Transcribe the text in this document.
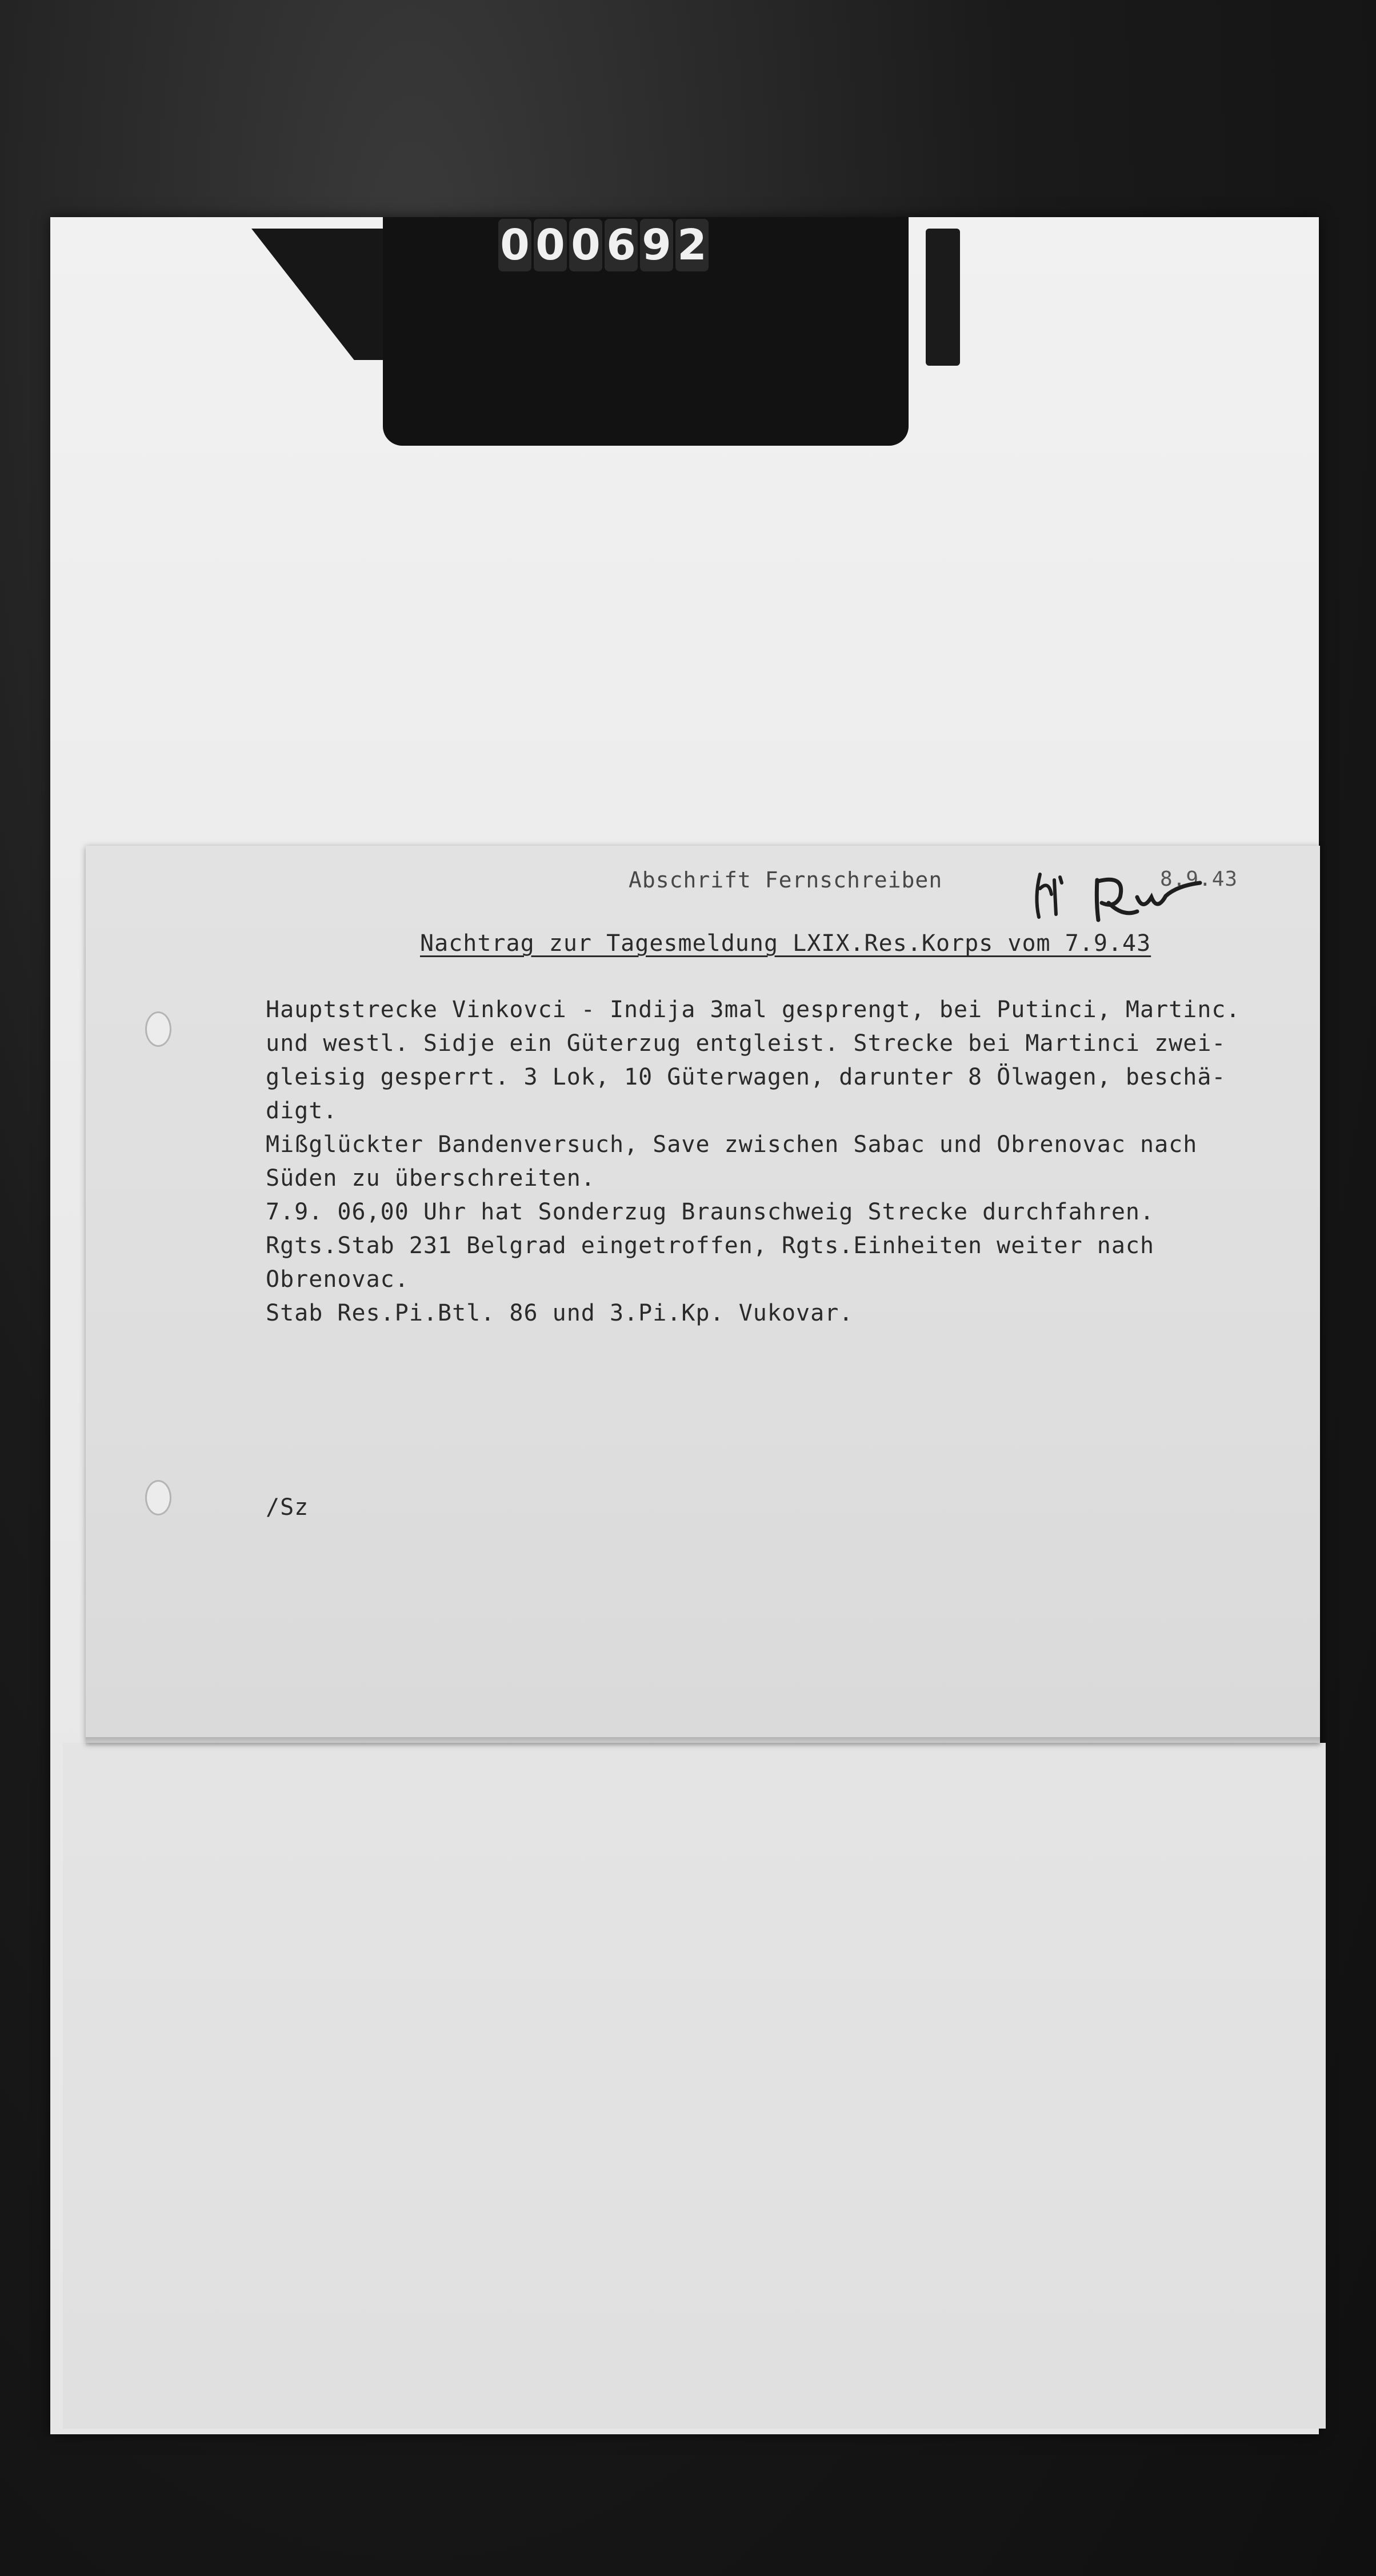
0 0 0 6 9 2
Abschrift Fernschreiben	8.9.43
Nachtrag zur Tagesmeldung LXIX.Res.Korps vom 7.9.43
Hauptstrecke Vinkovci - Indija 3mal gesprengt, bei Putinci, Martinc.
und westl. Sidje ein Güterzug entgleist. Strecke bei Martinci zwei-
gleisig gesperrt. 3 Lok, 10 Güterwagen, darunter 8 Ölwagen, beschä-
digt.
Mißglückter Bandenversuch, Save zwischen Sabac und Obrenovac nach
Süden zu überschreiten.
7.9. 06,00 Uhr hat Sonderzug Braunschweig Strecke durchfahren.
Rgts.Stab 231 Belgrad eingetroffen, Rgts.Einheiten weiter nach
Obrenovac.
Stab Res.Pi.Btl. 86 und 3.Pi.Kp. Vukovar.
/Sz
